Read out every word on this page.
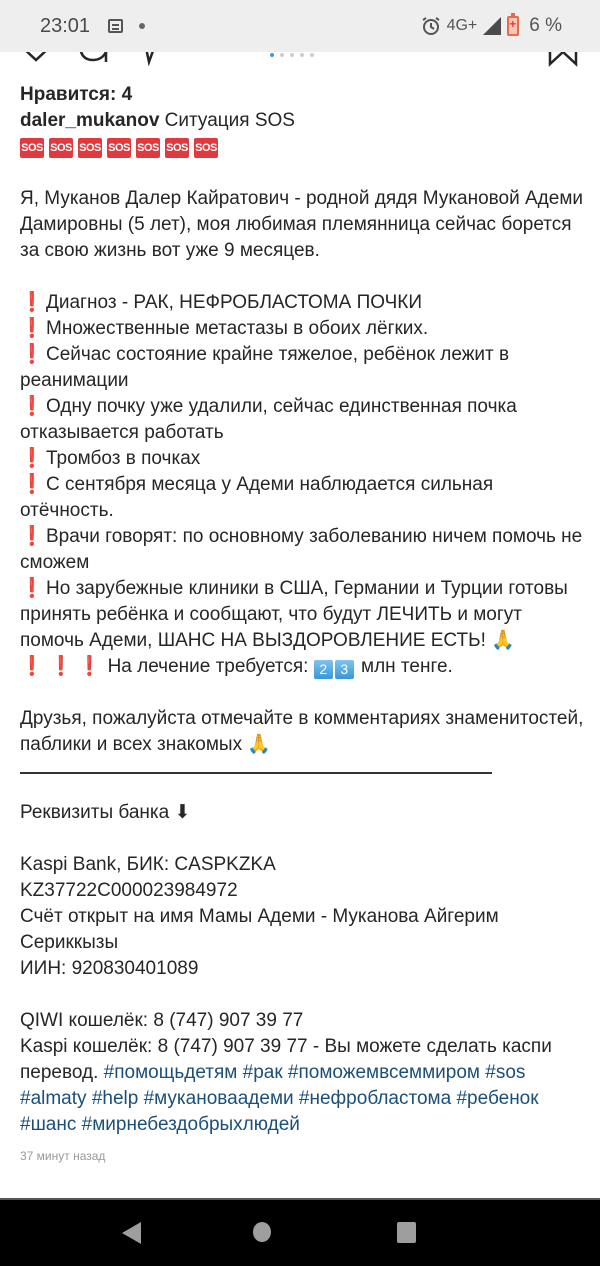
23:01	4G+ +	6 %
Нравится: 4
daler_mukanov Ситуация SOS
SOS SOS SOS SOS SOS SOS SOS
Я, Муканов Далер Кайратович - родной дядя Мукановой Адеми Дамировны (5 лет), моя любимая племянница сейчас борется за свою жизнь вот уже 9 месяцев.
❗ Диагноз - РАК, НЕФРОБЛАСТОМА ПОЧКИ
❗ Множественные метастазы в обоих лёгких.
❗ Сейчас состояние крайне тяжелое, ребёнок лежит в реанимации
❗ Одну почку уже удалили, сейчас единственная почка отказывается работать
❗ Тромбоз в почках
❗ С сентября месяца у Адеми наблюдается сильная отёчность.
❗ Врачи говорят: по основному заболеванию ничем помочь не сможем
❗ Но зарубежные клиники в США, Германии и Турции готовы принять ребёнка и сообщают, что будут ЛЕЧИТЬ и могут помочь Адеми, ШАНС НА ВЫЗДОРОВЛЕНИЕ ЕСТЬ! 🙏
❗ ❗ ❗ На лечение требуется: 2 3 млн тенге.
Друзья, пожалуйста отмечайте в комментариях знаменитостей, паблики и всех знакомых 🙏
Реквизиты банка ⬇
Kaspi Bank, БИК: CASPKZKA
KZ37722C000023984972
Счёт открыт на имя Мамы Адеми - Муканова Айгерим Сериккызы
ИИН: 920830401089
QIWI кошелёк: 8 (747) 907 39 77
Kaspi кошелёк: 8 (747) 907 39 77 - Вы можете сделать каспи перевод. #помощьдетям #рак #поможемвсеммиром #sos #almaty #help #мукановаадеми #нефробластома #ребенок #шанс #мирнебездобрыхлюдей
37 минут назад
